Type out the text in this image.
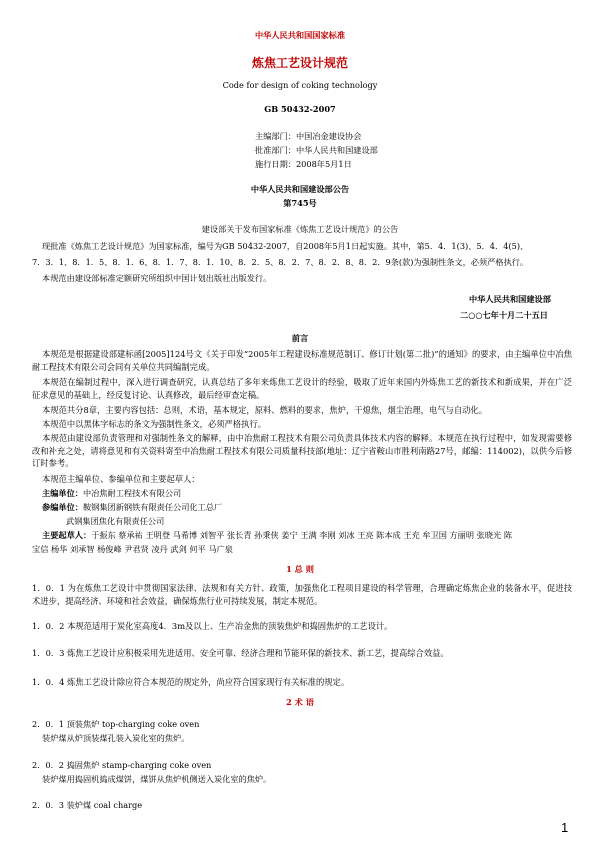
中华人民共和国国家标准
炼焦工艺设计规范
Code for design of coking technology
GB 50432-2007
主编部门：中国冶金建设协会
批准部门：中华人民共和国建设部
施行日期：2008年5月1日
中华人民共和国建设部公告
第745号
建设部关于发布国家标准《炼焦工艺设计规范》的公告
现批准《炼焦工艺设计规范》为国家标准，编号为GB 50432-2007，自2008年5月1日起实施。其中，第5．4．1(3)、5．4．4(5)、
7．3．1、8．1．5、8．1．6、8．1．7、8．1．10、8．2．5、8．2．7、8．2．8、8．2．9条(款)为强制性条文，必须严格执行。
本规范由建设部标准定额研究所组织中国计划出版社出版发行。
中华人民共和国建设部
二○○七年十月二十五日
前言
本规范是根据建设部建标函[2005]124号文《关于印发“2005年工程建设标准规范制订、修订计划(第二批)”的通知》的要求，由主编单位中冶焦耐工程技术有限公司会同有关单位共同编制完成。
本规范在编制过程中，深入进行调查研究，认真总结了多年来炼焦工艺设计的经验，吸取了近年来国内外炼焦工艺的新技术和新成果，并在广泛征求意见的基础上，经反复讨论、认真修改，最后经审查定稿。
本规范共分8章，主要内容包括：总则，术语，基本规定，原料、燃料的要求，焦炉，干熄焦，烟尘治理，电气与自动化。
本规范中以黑体字标志的条文为强制性条文，必须严格执行。
本规范由建设部负责管理和对强制性条文的解释，由中冶焦耐工程技术有限公司负责具体技术内容的解释。本规范在执行过程中，如发现需要修改和补充之处，请将意见和有关资料寄至中冶焦耐工程技术有限公司质量科技部(地址：辽宁省鞍山市胜利南路27号，邮编：114002)，以供今后修订时参考。
本规范主编单位、参编单位和主要起草人：
主编单位：中冶焦耐工程技术有限公司
参编单位：鞍钢集团新钢铁有限责任公司化工总厂
武钢集团焦化有限责任公司
主要起草人：于振东 蔡承祐 王明登 马希博 刘智平 张长青 孙秉侠 姜宁 王满 李刚 刘冰 王亮 陈本成 王充 牟卫国 方丽明 张晓光 陈
宝信 杨华 刘承智 杨俊峰 尹君贤 凌丹 武剑 何平 马广泉
1 总 则
1．0．1 为在炼焦工艺设计中贯彻国家法律、法规和有关方针、政策，加强焦化工程项目建设的科学管理，合理确定炼焦企业的装备水平，促进技术进步，提高经济、环境和社会效益，确保炼焦行业可持续发展，制定本规范。
1．0．2 本规范适用于炭化室高度4．3m及以上、生产冶金焦的顶装焦炉和捣固焦炉的工艺设计。
1．0．3 炼焦工艺设计应积极采用先进适用、安全可靠、经济合理和节能环保的新技术、新工艺，提高综合效益。
1．0．4 炼焦工艺设计除应符合本规范的规定外，尚应符合国家现行有关标准的规定。
2 术 语
2．0．1 顶装焦炉 top-charging coke oven
装炉煤从炉顶装煤孔装入炭化室的焦炉。
2．0．2 捣固焦炉 stamp-charging coke oven
装炉煤用捣固机捣成煤饼，煤饼从焦炉机侧送入炭化室的焦炉。
2．0．3 装炉煤 coal charge
1
